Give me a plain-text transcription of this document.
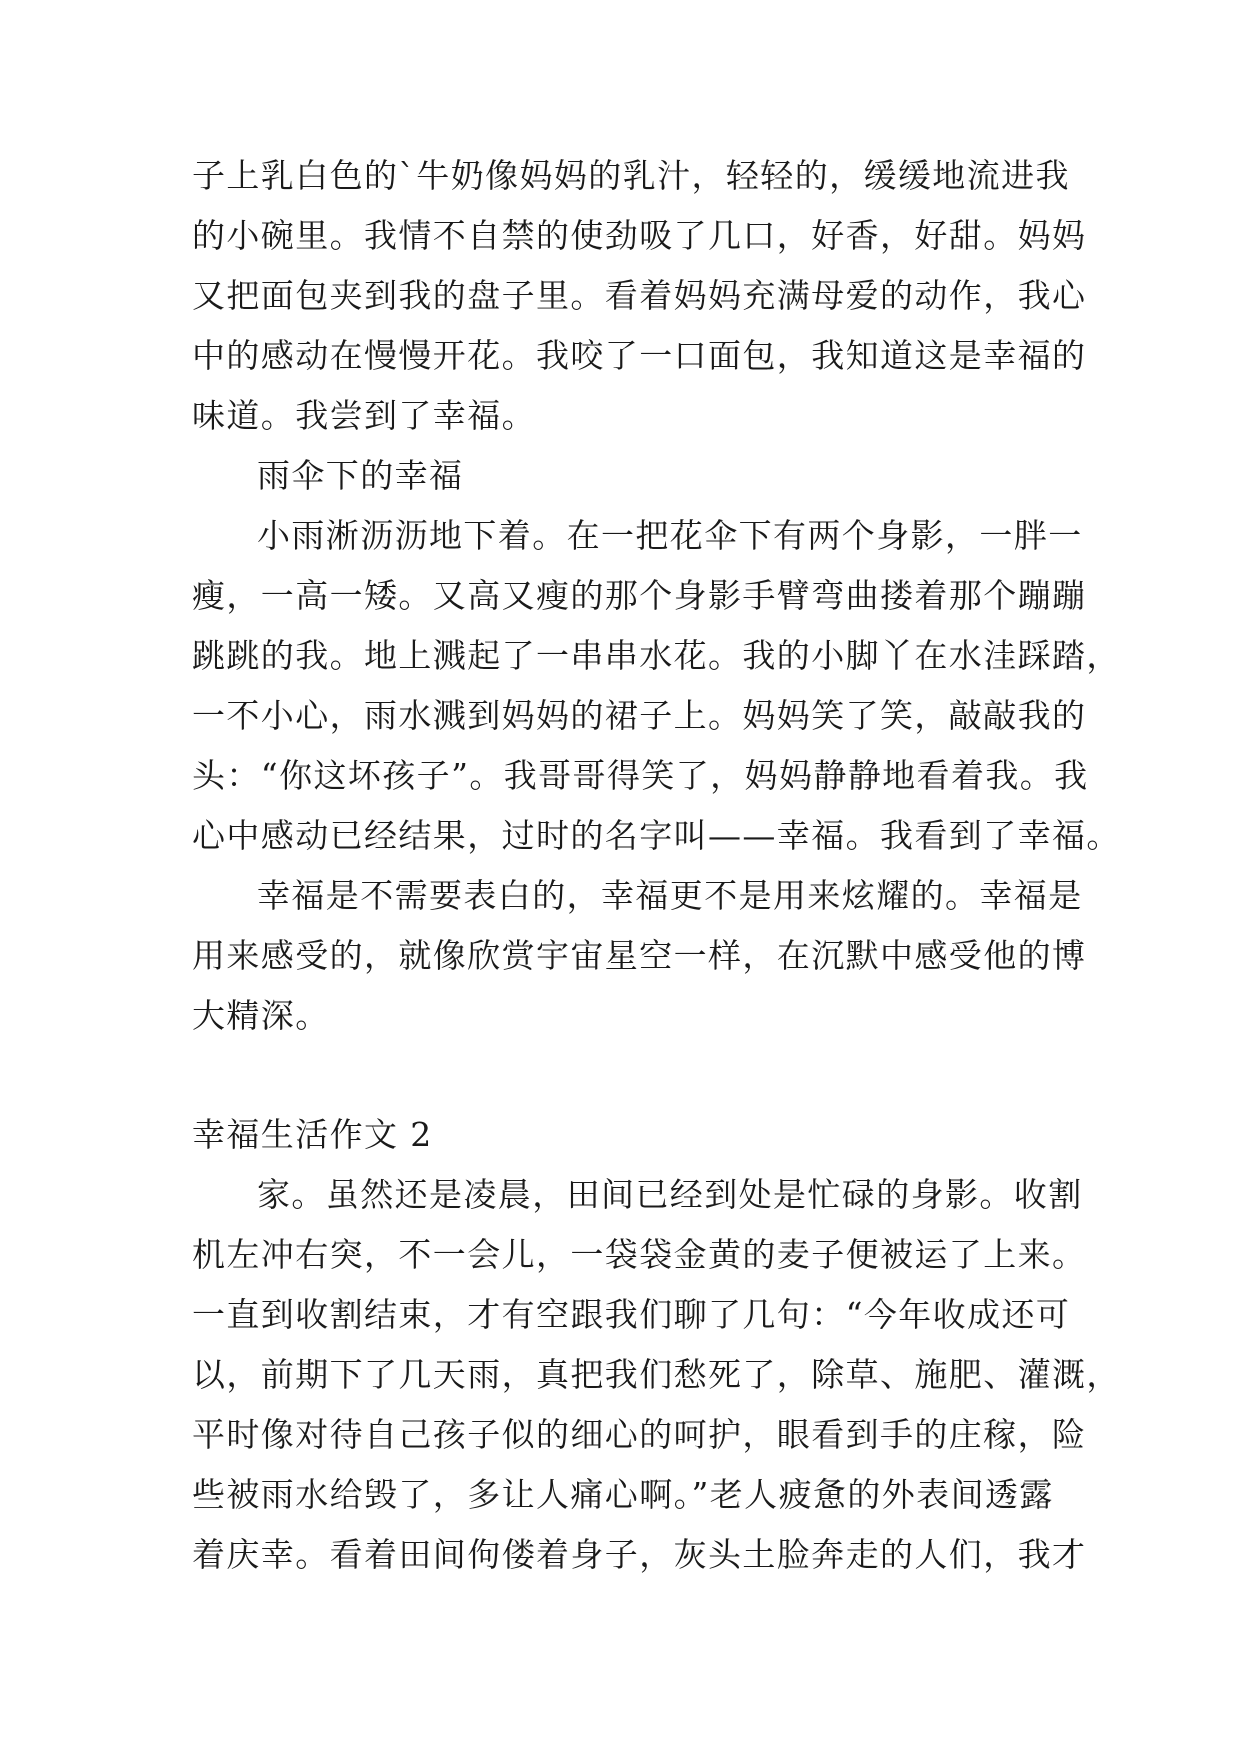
子上乳白色的`牛奶像妈妈的乳汁，轻轻的，缓缓地流进我
的小碗里。我情不自禁的使劲吸了几口，好香，好甜。妈妈
又把面包夹到我的盘子里。看着妈妈充满母爱的动作，我心
中的感动在慢慢开花。我咬了一口面包，我知道这是幸福的
味道。我尝到了幸福。
雨伞下的幸福
小雨淅沥沥地下着。在一把花伞下有两个身影，一胖一
瘦，一高一矮。又高又瘦的那个身影手臂弯曲搂着那个蹦蹦
跳跳的我。地上溅起了一串串水花。我的小脚丫在水洼踩踏，
一不小心，雨水溅到妈妈的裙子上。妈妈笑了笑，敲敲我的
头：“你这坏孩子”。我哥哥得笑了，妈妈静静地看着我。我
心中感动已经结果，过时的名字叫——幸福。我看到了幸福。
幸福是不需要表白的，幸福更不是用来炫耀的。幸福是
用来感受的，就像欣赏宇宙星空一样，在沉默中感受他的博
大精深。
幸福生活作文 2
家。虽然还是凌晨，田间已经到处是忙碌的身影。收割
机左冲右突，不一会儿，一袋袋金黄的麦子便被运了上来。
一直到收割结束，才有空跟我们聊了几句：“今年收成还可
以，前期下了几天雨，真把我们愁死了，除草、施肥、灌溉，
平时像对待自己孩子似的细心的呵护，眼看到手的庄稼，险
些被雨水给毁了，多让人痛心啊。”老人疲惫的外表间透露
着庆幸。看着田间佝偻着身子，灰头土脸奔走的人们，我才
